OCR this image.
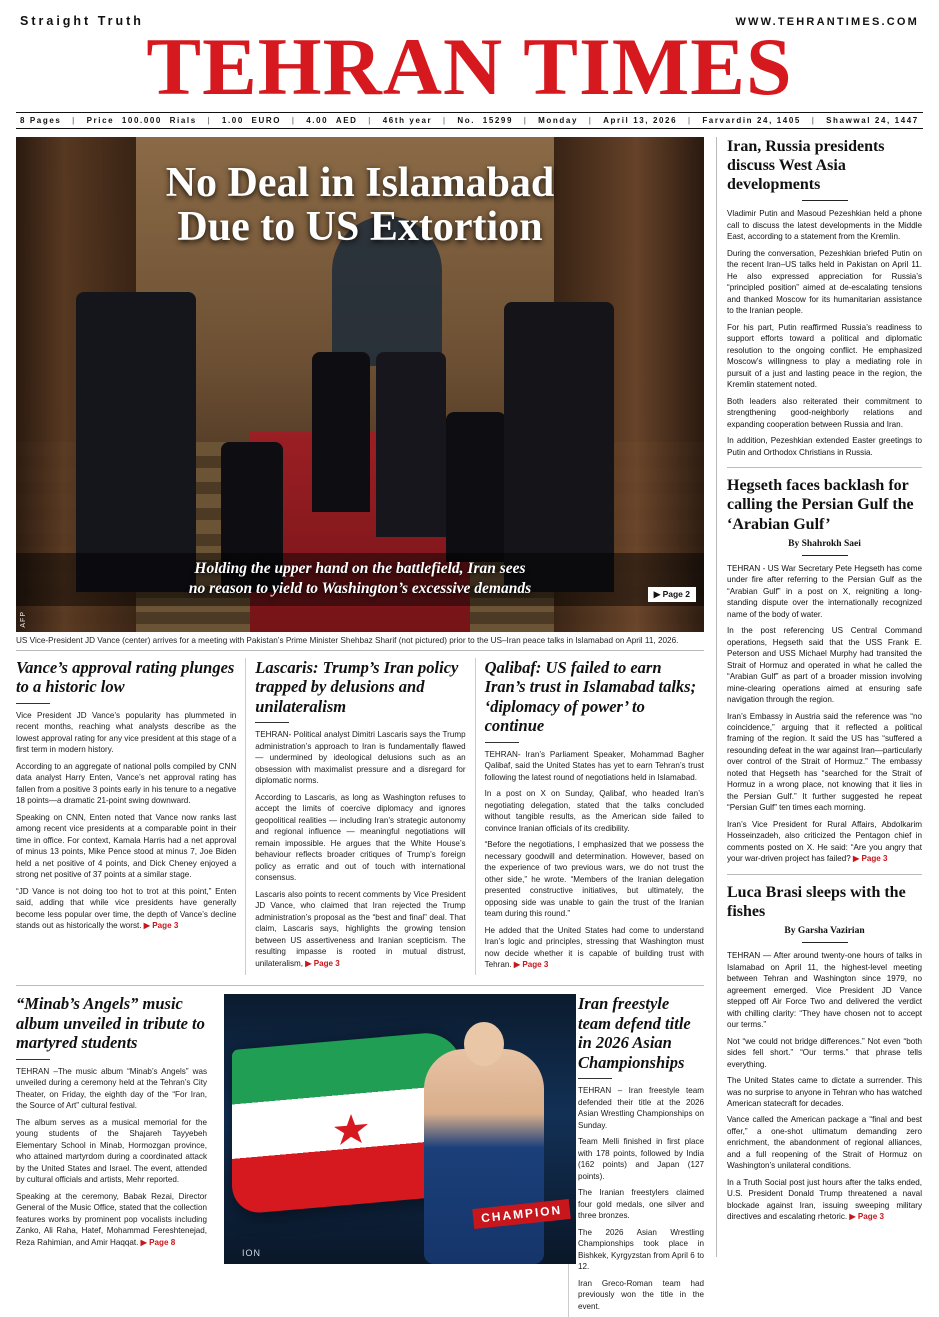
Straight Truth	WWW.TEHRANTIMES.COM
TEHRAN TIMES
8 Pages	|	Price 100.000 Rials	|	1.00 EURO	|	4.00 AED	|	46th year	|	No. 15299	|	Monday	|	April 13, 2026	|	Farvardin 24, 1405	|	Shawwal 24, 1447
No Deal in Islamabad
Due to US Extortion
Holding the upper hand on the battlefield, Iran sees
no reason to yield to Washington’s excessive demands	▶ Page 2
AFP
US Vice-President JD Vance (center) arrives for a meeting with Pakistan’s Prime Minister Shehbaz Sharif (not pictured) prior to the US–Iran peace talks in Islamabad on April 11, 2026.
Vance’s approval rating plunges to a historic low

Vice President JD Vance’s popularity has plummeted in recent months, reaching what analysts describe as the lowest approval rating for any vice president at this stage of a first term in modern history.

According to an aggregate of national polls compiled by CNN data analyst Harry Enten, Vance’s net approval rating has fallen from a positive 3 points early in his tenure to a negative 18 points—a dramatic 21-point swing downward.

Speaking on CNN, Enten noted that Vance now ranks last among recent vice presidents at a comparable point in their time in office. For context, Kamala Harris had a net approval of minus 13 points, Mike Pence stood at minus 7, Joe Biden held a net positive of 4 points, and Dick Cheney enjoyed a strong net positive of 37 points at a similar stage.

“JD Vance is not doing too hot to trot at this point,” Enten said, adding that while vice presidents have generally become less popular over time, the depth of Vance’s decline stands out as historically the worst. ▶ Page 3

Lascaris: Trump’s Iran policy trapped by delusions and unilateralism

TEHRAN- Political analyst Dimitri Lascaris says the Trump administration’s approach to Iran is fundamentally flawed — undermined by ideological delusions such as an obsession with maximalist pressure and a disregard for diplomatic norms.

According to Lascaris, as long as Washington refuses to accept the limits of coercive diplomacy and ignores geopolitical realities — including Iran’s strategic autonomy and regional influence — meaningful negotiations will remain impossible. He argues that the White House’s behaviour reflects broader critiques of Trump’s foreign policy as erratic and out of touch with international consensus.

Lascaris also points to recent comments by Vice President JD Vance, who claimed that Iran rejected the Trump administration’s proposal as the “best and final” deal. That claim, Lascaris says, highlights the growing tension between US assertiveness and Iranian scepticism. The resulting impasse is rooted in mutual distrust, unilateralism, ▶ Page 3

Qalibaf: US failed to earn Iran’s trust in Islamabad talks; ‘diplomacy of power’ to continue

TEHRAN- Iran’s Parliament Speaker, Mohammad Bagher Qalibaf, said the United States has yet to earn Tehran’s trust following the latest round of negotiations held in Islamabad.

In a post on X on Sunday, Qalibaf, who headed Iran’s negotiating delegation, stated that the talks concluded without tangible results, as the American side failed to convince Iranian officials of its credibility.

“Before the negotiations, I emphasized that we possess the necessary goodwill and determination. However, based on the experience of two previous wars, we do not trust the other side,” he wrote. “Members of the Iranian delegation presented constructive initiatives, but ultimately, the opposing side was unable to gain the trust of the Iranian team during this round.”

He added that the United States had come to understand Iran’s logic and principles, stressing that Washington must now decide whether it is capable of building trust with Tehran. ▶ Page 3

“Minab’s Angels” music album unveiled in tribute to martyred students

TEHRAN –The music album “Minab’s Angels” was unveiled during a ceremony held at the Tehran’s City Theater, on Friday, the eighth day of the “For Iran, the Source of Art” cultural festival.

The album serves as a musical memorial for the young students of the Shajareh Tayyebeh Elementary School in Minab, Hormozgan province, who attained martyrdom during a coordinated attack by the United States and Israel. The event, attended by cultural officials and artists, Mehr reported.

Speaking at the ceremony, Babak Rezai, Director General of the Music Office, stated that the collection features works by prominent pop vocalists including Zanko, Ali Raha, Hatef, Mohammad Fereshtenejad, Reza Rahimian, and Amir Haqqat. ▶ Page 8

CHAMPION
ION
Iran freestyle team defend title in 2026 Asian Championships

TEHRAN – Iran freestyle team defended their title at the 2026 Asian Wrestling Championships on Sunday.

Team Melli finished in first place with 178 points, followed by India (162 points) and Japan (127 points).

The Iranian freestylers claimed four gold medals, one silver and three bronzes.

The 2026 Asian Wrestling Championships took place in Bishkek, Kyrgyzstan from April 6 to 12.

Iran Greco-Roman team had previously won the title in the event.

Iran, Russia presidents discuss West Asia developments

Vladimir Putin and Masoud Pezeshkian held a phone call to discuss the latest developments in the Middle East, according to a statement from the Kremlin.

During the conversation, Pezeshkian briefed Putin on the recent Iran–US talks held in Pakistan on April 11. He also expressed appreciation for Russia’s “principled position” aimed at de-escalating tensions and thanked Moscow for its humanitarian assistance to the Iranian people.

For his part, Putin reaffirmed Russia’s readiness to support efforts toward a political and diplomatic resolution to the ongoing conflict. He emphasized Moscow’s willingness to play a mediating role in pursuit of a just and lasting peace in the region, the Kremlin statement noted.

Both leaders also reiterated their commitment to strengthening good-neighborly relations and expanding cooperation between Russia and Iran.

In addition, Pezeshkian extended Easter greetings to Putin and Orthodox Christians in Russia.

Hegseth faces backlash for calling the Persian Gulf the ‘Arabian Gulf’
By Shahrokh Saei

TEHRAN - US War Secretary Pete Hegseth has come under fire after referring to the Persian Gulf as the “Arabian Gulf” in a post on X, reigniting a long-standing dispute over the internationally recognized name of the body of water.

In the post referencing US Central Command operations, Hegseth said that the USS Frank E. Peterson and USS Michael Murphy had transited the Strait of Hormuz and operated in what he called the “Arabian Gulf” as part of a broader mission involving mine-clearing operations aimed at ensuring safe navigation through the region.

Iran’s Embassy in Austria said the reference was “no coincidence,” arguing that it reflected a political framing of the region. It said the US has “suffered a resounding defeat in the war against Iran—particularly over control of the Strait of Hormuz.” The embassy noted that Hegseth has “searched for the Strait of Hormuz in a wrong place, not knowing that it lies in the Persian Gulf.” It further suggested he repeat “Persian Gulf” ten times each morning.

Iran’s Vice President for Rural Affairs, Abdolkarim Hosseinzadeh, also criticized the Pentagon chief in comments posted on X. He said: “Are you angry that your war-driven project has failed? ▶ Page 3

Luca Brasi sleeps with the fishes
By Garsha Vazirian

TEHRAN — After around twenty-one hours of talks in Islamabad on April 11, the highest-level meeting between Tehran and Washington since 1979, no agreement emerged. Vice President JD Vance stepped off Air Force Two and delivered the verdict with chilling clarity: “They have chosen not to accept our terms.”

Not “we could not bridge differences.” Not even “both sides fell short.” “Our terms.” that phrase tells everything.

The United States came to dictate a surrender. This was no surprise to anyone in Tehran who has watched American statecraft for decades.

Vance called the American package a “final and best offer,” a one-shot ultimatum demanding zero enrichment, the abandonment of regional alliances, and a full reopening of the Strait of Hormuz on Washington’s unilateral conditions.

In a Truth Social post just hours after the talks ended, U.S. President Donald Trump threatened a naval blockade against Iran, issuing sweeping military directives and escalating rhetoric. ▶ Page 3
